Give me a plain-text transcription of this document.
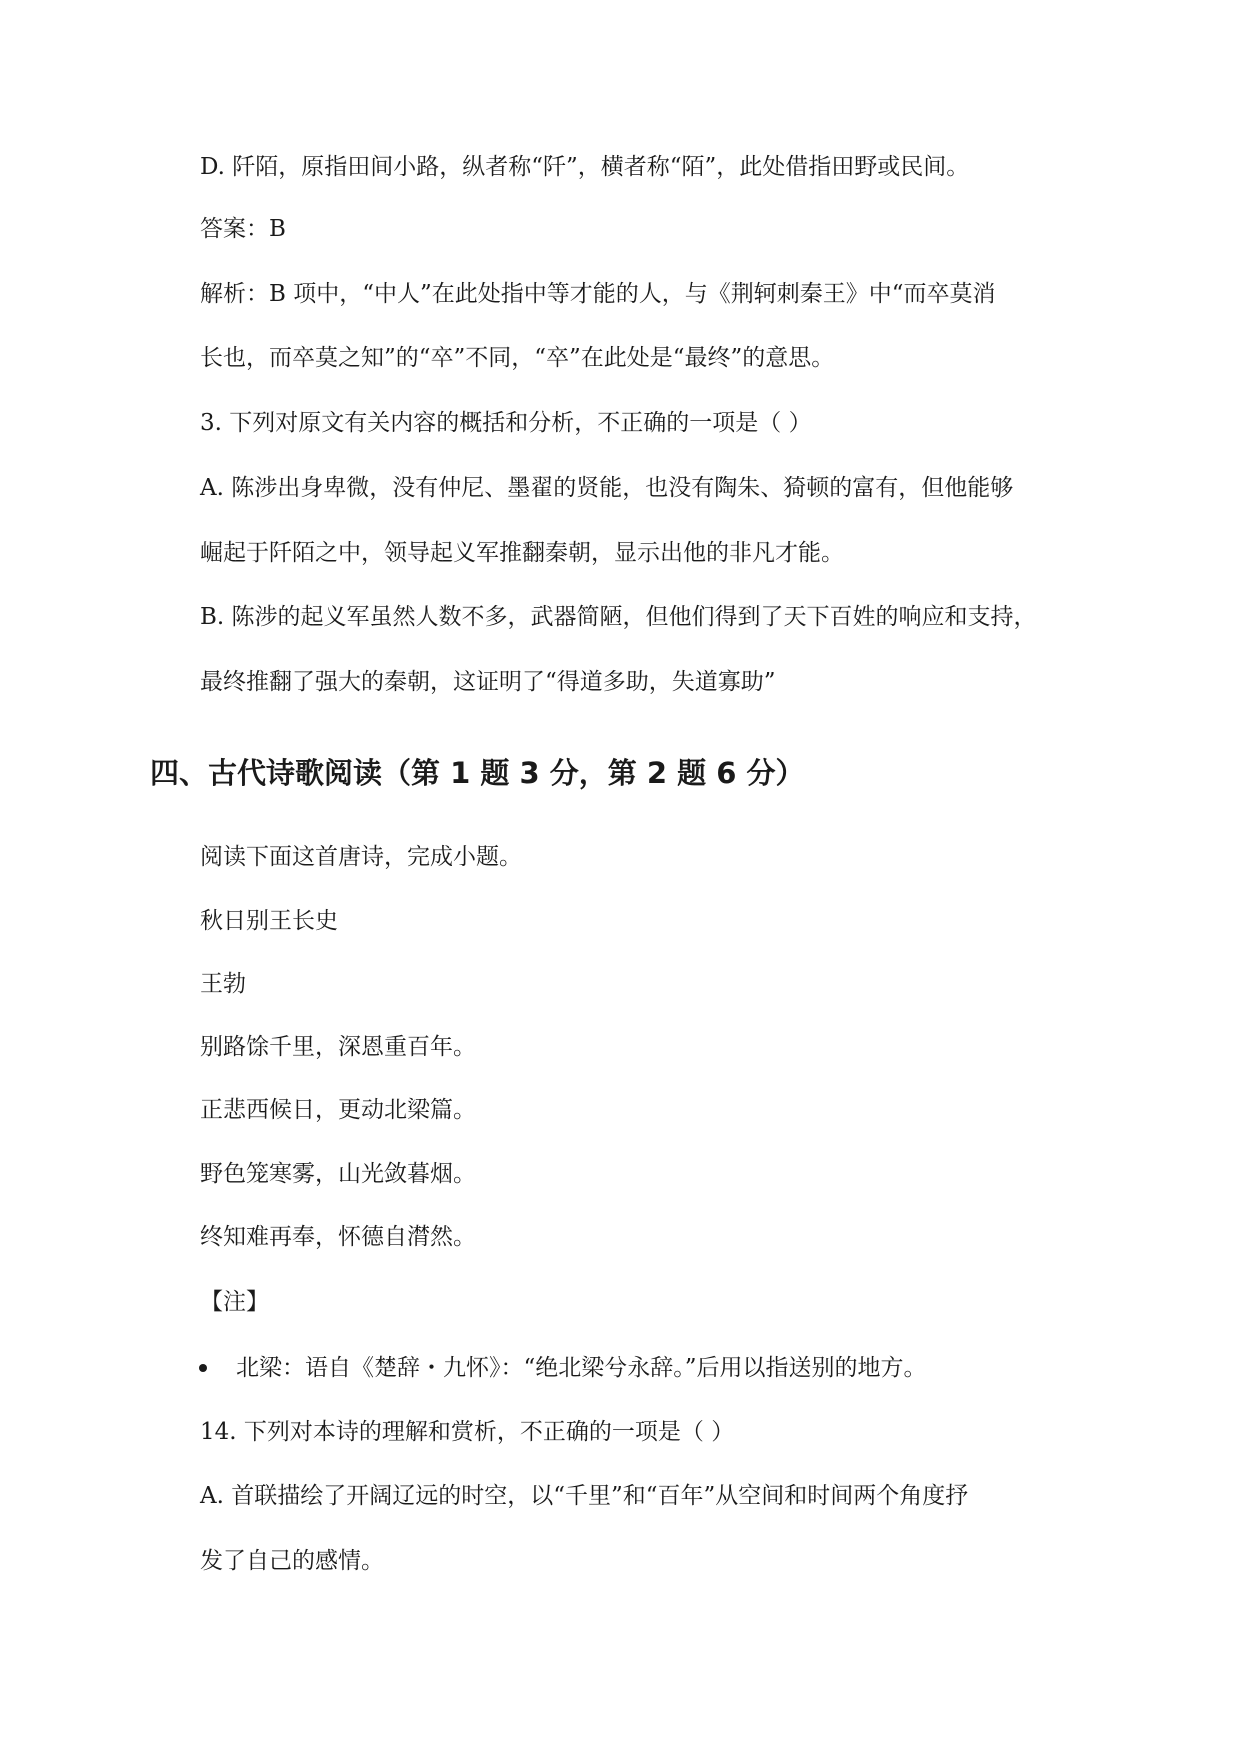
D. 阡陌，原指田间小路，纵者称“阡”，横者称“陌”，此处借指田野或民间。
答案：B
解析：B 项中，“中人”在此处指中等才能的人，与《荆轲刺秦王》中“而卒莫消
长也，而卒莫之知”的“卒”不同，“卒”在此处是“最终”的意思。
3. 下列对原文有关内容的概括和分析，不正确的一项是（ ）
A. 陈涉出身卑微，没有仲尼、墨翟的贤能，也没有陶朱、猗顿的富有，但他能够
崛起于阡陌之中，领导起义军推翻秦朝，显示出他的非凡才能。
B. 陈涉的起义军虽然人数不多，武器简陋，但他们得到了天下百姓的响应和支持，
最终推翻了强大的秦朝，这证明了“得道多助，失道寡助”
四、古代诗歌阅读（第 1 题 3 分，第 2 题 6 分）
阅读下面这首唐诗，完成小题。
秋日别王长史
王勃
别路馀千里，深恩重百年。
正悲西候日，更动北梁篇。
野色笼寒雾，山光敛暮烟。
终知难再奉，怀德自潸然。
【注】
北梁：语自《楚辞・九怀》：“绝北梁兮永辞。”后用以指送别的地方。
14. 下列对本诗的理解和赏析，不正确的一项是（ ）
A. 首联描绘了开阔辽远的时空，以“千里”和“百年”从空间和时间两个角度抒
发了自己的感情。
